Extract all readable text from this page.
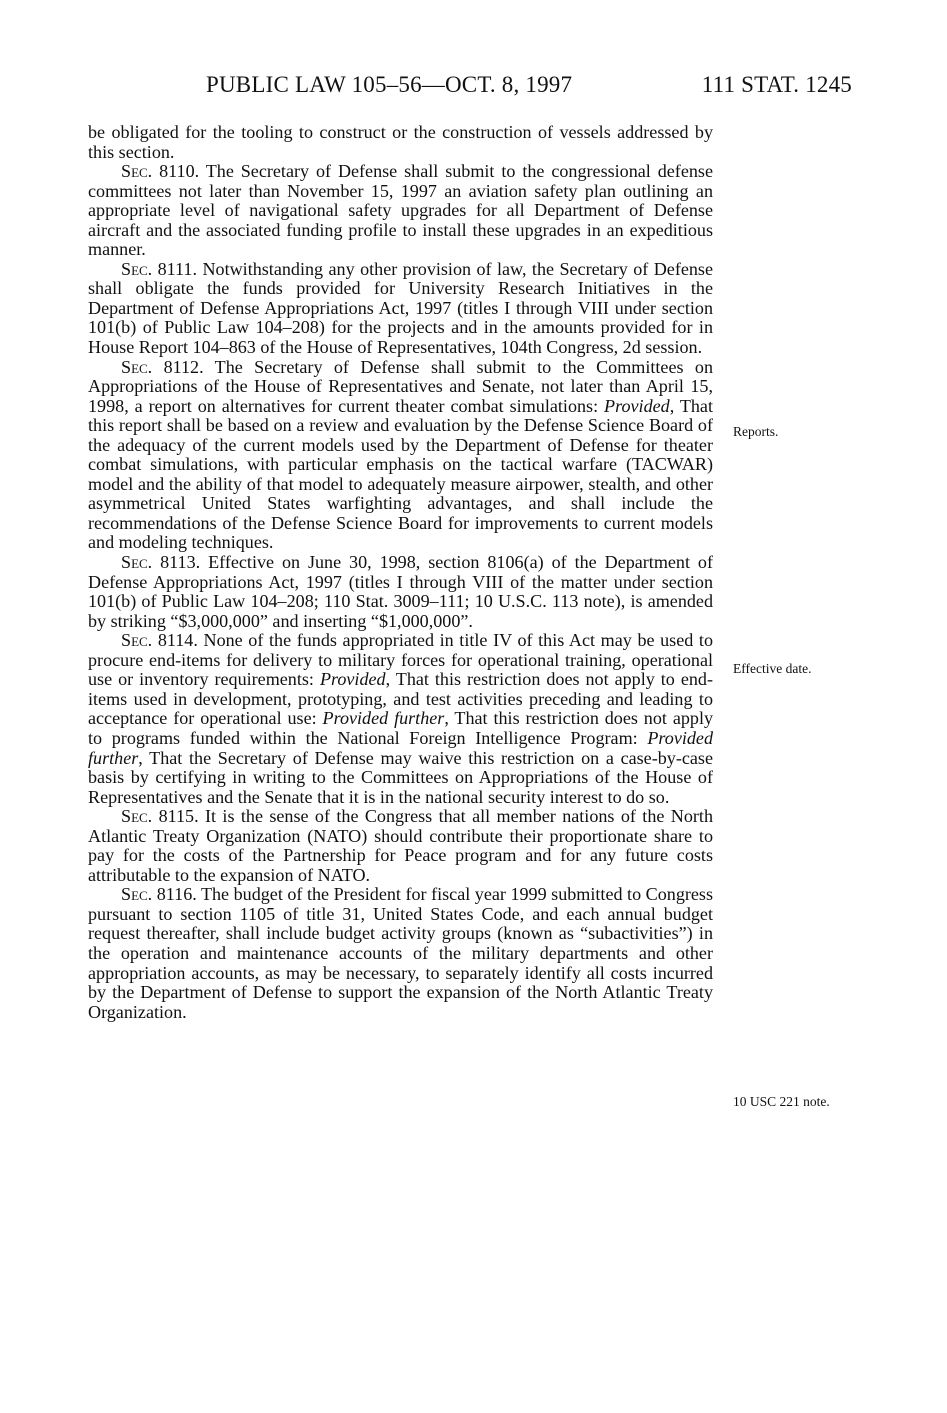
PUBLIC LAW 105–56—OCT. 8, 1997	111 STAT. 1245

be obligated for the tooling to construct or the construction of vessels addressed by this section.

Sec. 8110. The Secretary of Defense shall submit to the congressional defense committees not later than November 15, 1997 an aviation safety plan outlining an appropriate level of navigational safety upgrades for all Department of Defense aircraft and the associated funding profile to install these upgrades in an expeditious manner.

Sec. 8111. Notwithstanding any other provision of law, the Secretary of Defense shall obligate the funds provided for University Research Initiatives in the Department of Defense Appropriations Act, 1997 (titles I through VIII under section 101(b) of Public Law 104–208) for the projects and in the amounts provided for in House Report 104–863 of the House of Representatives, 104th Congress, 2d session.

Sec. 8112. The Secretary of Defense shall submit to the Committees on Appropriations of the House of Representatives and Senate, not later than April 15, 1998, a report on alternatives for current theater combat simulations: Provided, That this report shall be based on a review and evaluation by the Defense Science Board of the adequacy of the current models used by the Department of Defense for theater combat simulations, with particular emphasis on the tactical warfare (TACWAR) model and the ability of that model to adequately measure airpower, stealth, and other asymmetrical United States warfighting advantages, and shall include the recommendations of the Defense Science Board for improvements to current models and modeling techniques.

Sec. 8113. Effective on June 30, 1998, section 8106(a) of the Department of Defense Appropriations Act, 1997 (titles I through VIII of the matter under section 101(b) of Public Law 104–208; 110 Stat. 3009–111; 10 U.S.C. 113 note), is amended by striking “$3,000,000” and inserting “$1,000,000”.

Sec. 8114. None of the funds appropriated in title IV of this Act may be used to procure end-items for delivery to military forces for operational training, operational use or inventory requirements: Provided, That this restriction does not apply to end-items used in development, prototyping, and test activities preceding and leading to acceptance for operational use: Provided further, That this restriction does not apply to programs funded within the National Foreign Intelligence Program: Provided further, That the Secretary of Defense may waive this restriction on a case-by-case basis by certifying in writing to the Committees on Appropriations of the House of Representatives and the Senate that it is in the national security interest to do so.

Sec. 8115. It is the sense of the Congress that all member nations of the North Atlantic Treaty Organization (NATO) should contribute their proportionate share to pay for the costs of the Partnership for Peace program and for any future costs attributable to the expansion of NATO.

Sec. 8116. The budget of the President for fiscal year 1999 submitted to Congress pursuant to section 1105 of title 31, United States Code, and each annual budget request thereafter, shall include budget activity groups (known as “subactivities”) in the operation and maintenance accounts of the military departments and other appropriation accounts, as may be necessary, to separately identify all costs incurred by the Department of Defense to support the expansion of the North Atlantic Treaty Organization.

Reports.
Effective date.
10 USC 221 note.
